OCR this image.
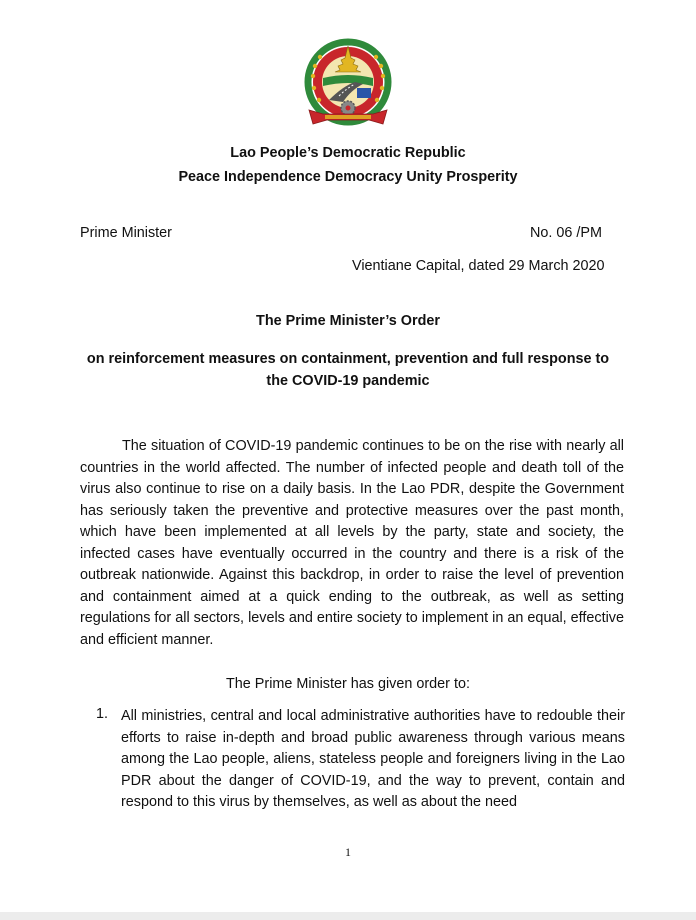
Lao People’s Democratic Republic
Peace Independence Democracy Unity Prosperity
Prime Minister	No. 06 /PM
Vientiane Capital, dated 29 March 2020
The Prime Minister’s Order
on reinforcement measures on containment, prevention and full response to
the COVID-19 pandemic

The situation of COVID-19 pandemic continues to be on the rise with nearly all countries in the world affected. The number of infected people and death toll of the virus also continue to rise on a daily basis. In the Lao PDR, despite the Government has seriously taken the preventive and protective measures over the past month, which have been implemented at all levels by the party, state and society, the infected cases have eventually occurred in the country and there is a risk of the outbreak nationwide. Against this backdrop, in order to raise the level of prevention and containment aimed at a quick ending to the outbreak, as well as setting regulations for all sectors, levels and entire society to implement in an equal, effective and efficient manner.

The Prime Minister has given order to:
1. All ministries, central and local administrative authorities have to redouble their efforts to raise in-depth and broad public awareness through various means among the Lao people, aliens, stateless people and foreigners living in the Lao PDR about the danger of COVID-19, and the way to prevent, contain and respond to this virus by themselves, as well as about the need

1
